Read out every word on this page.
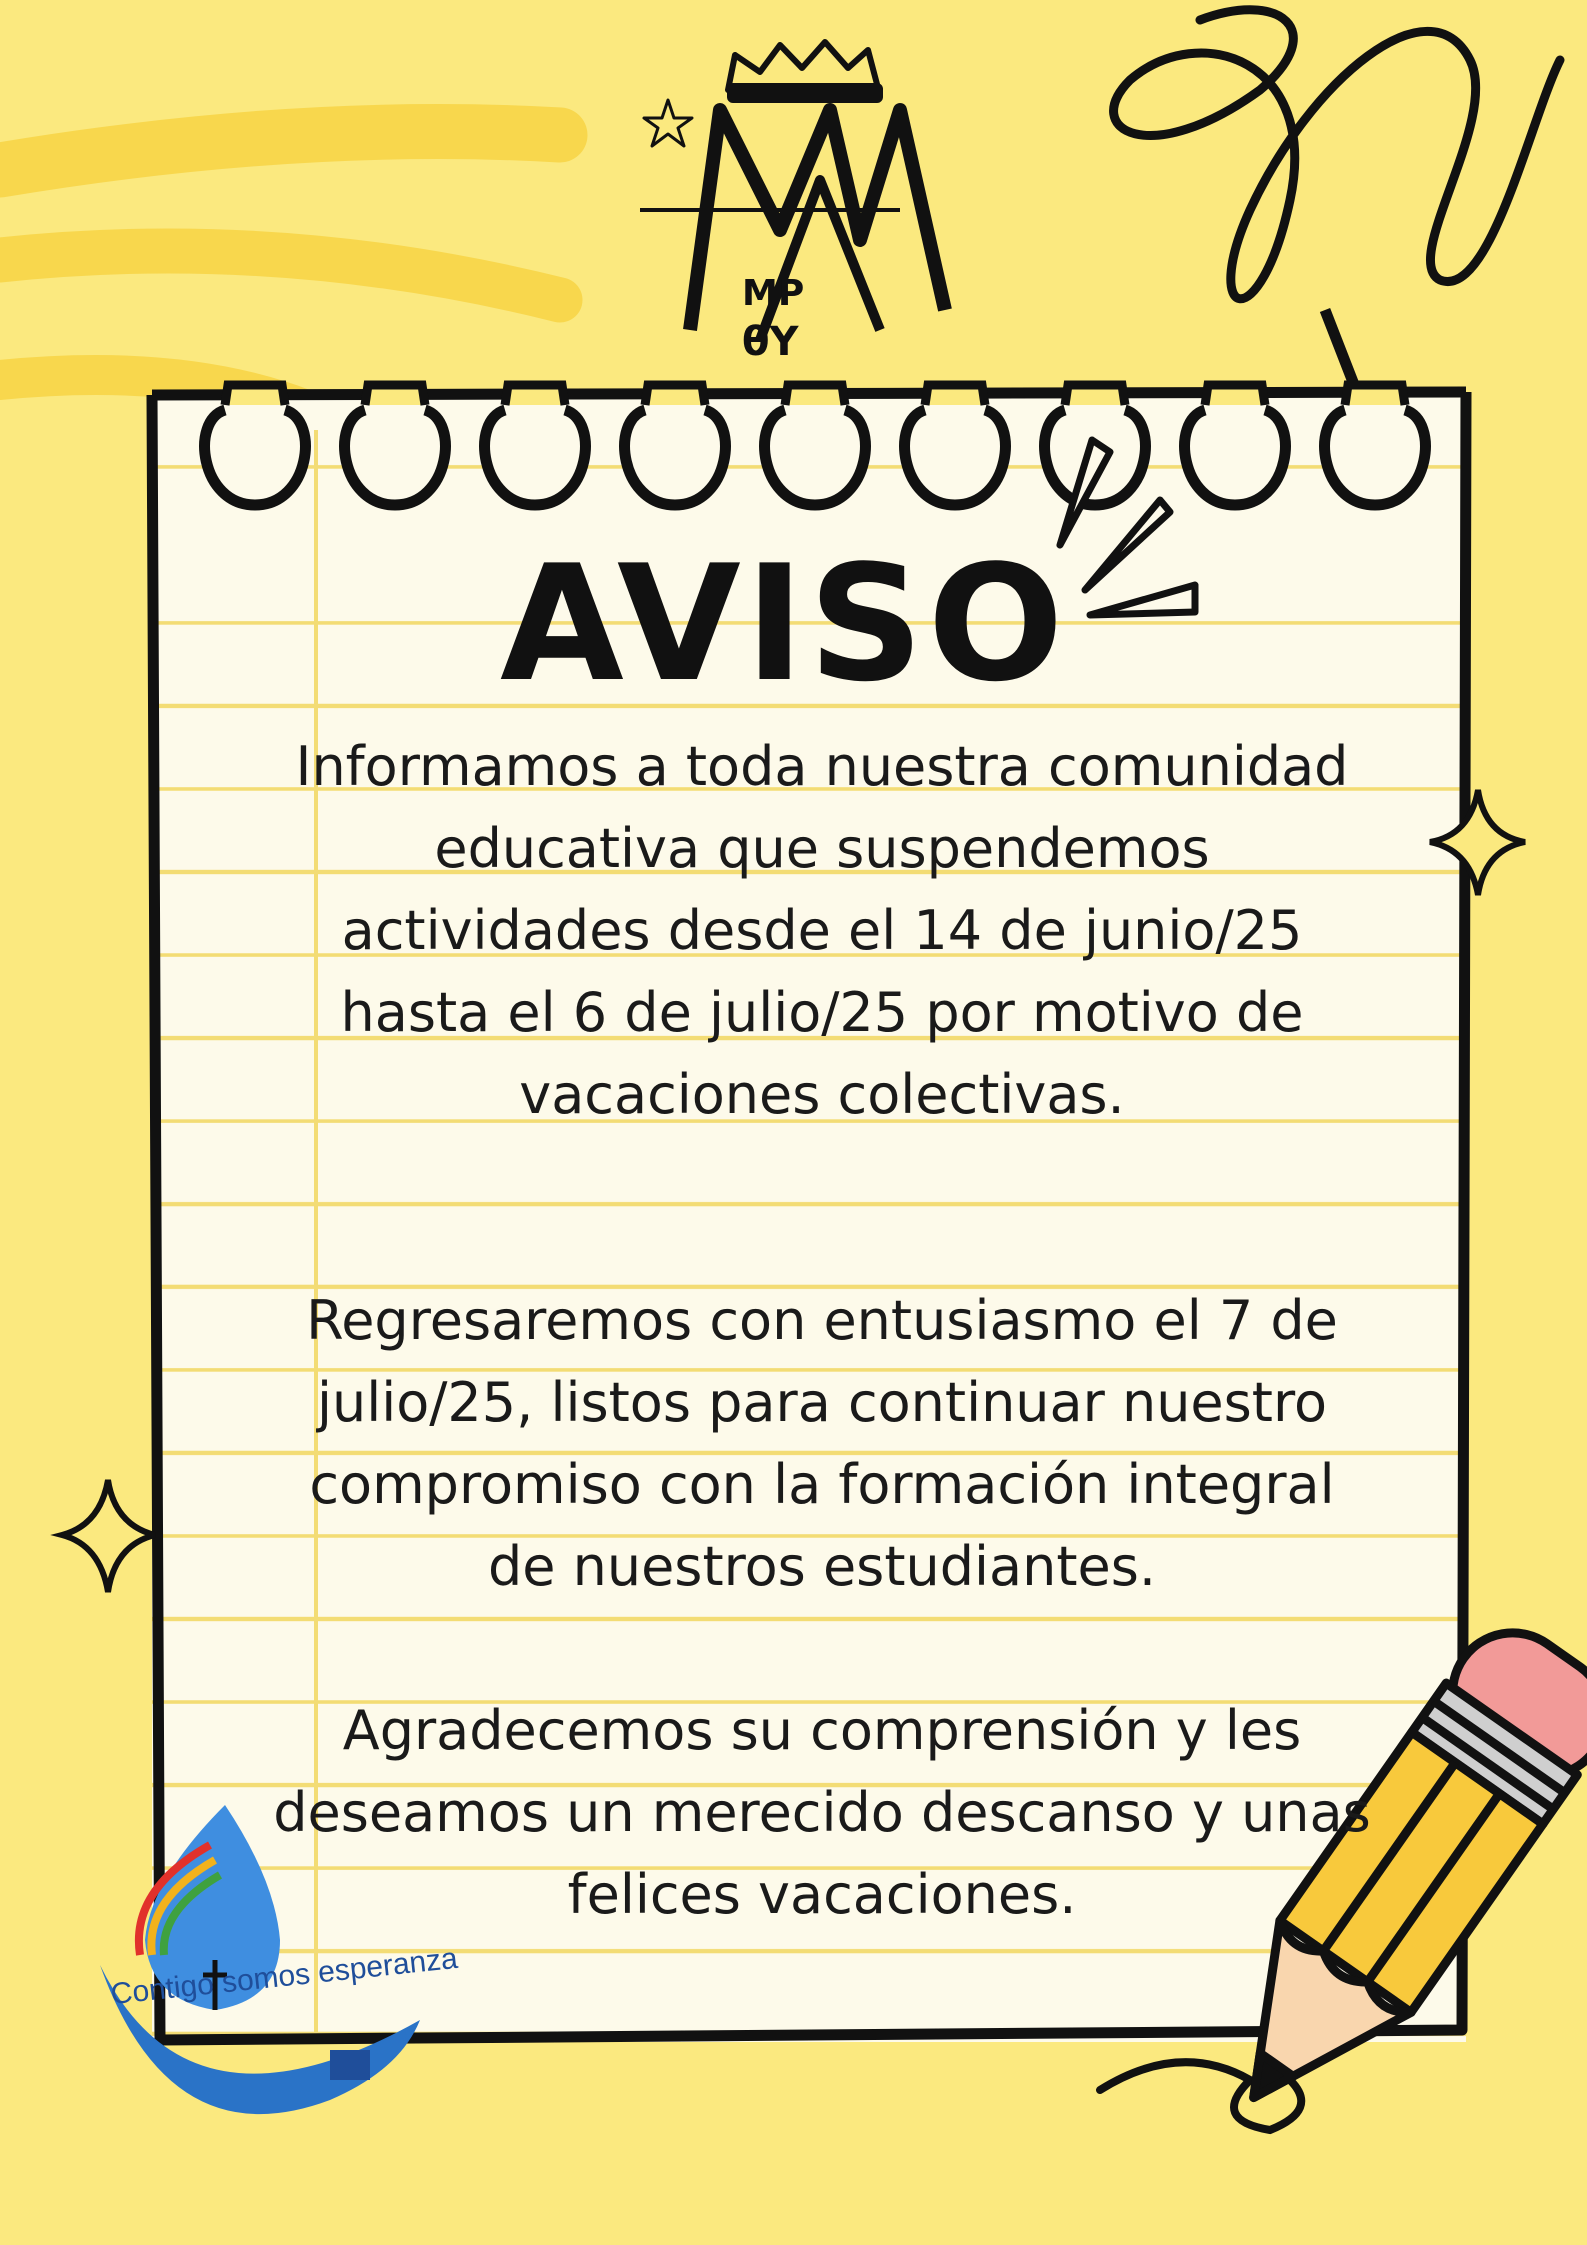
MP
θY
AVISO
Informamos a toda nuestra comunidad educativa que suspendemos actividades desde el 14 de junio/25 hasta el 6 de julio/25 por motivo de vacaciones colectivas.
Regresaremos con entusiasmo el 7 de julio/25, listos para continuar nuestro compromiso con la formación integral de nuestros estudiantes.
Agradecemos su comprensión y les deseamos un merecido descanso y unas felices vacaciones.
Contigo somos esperanza
